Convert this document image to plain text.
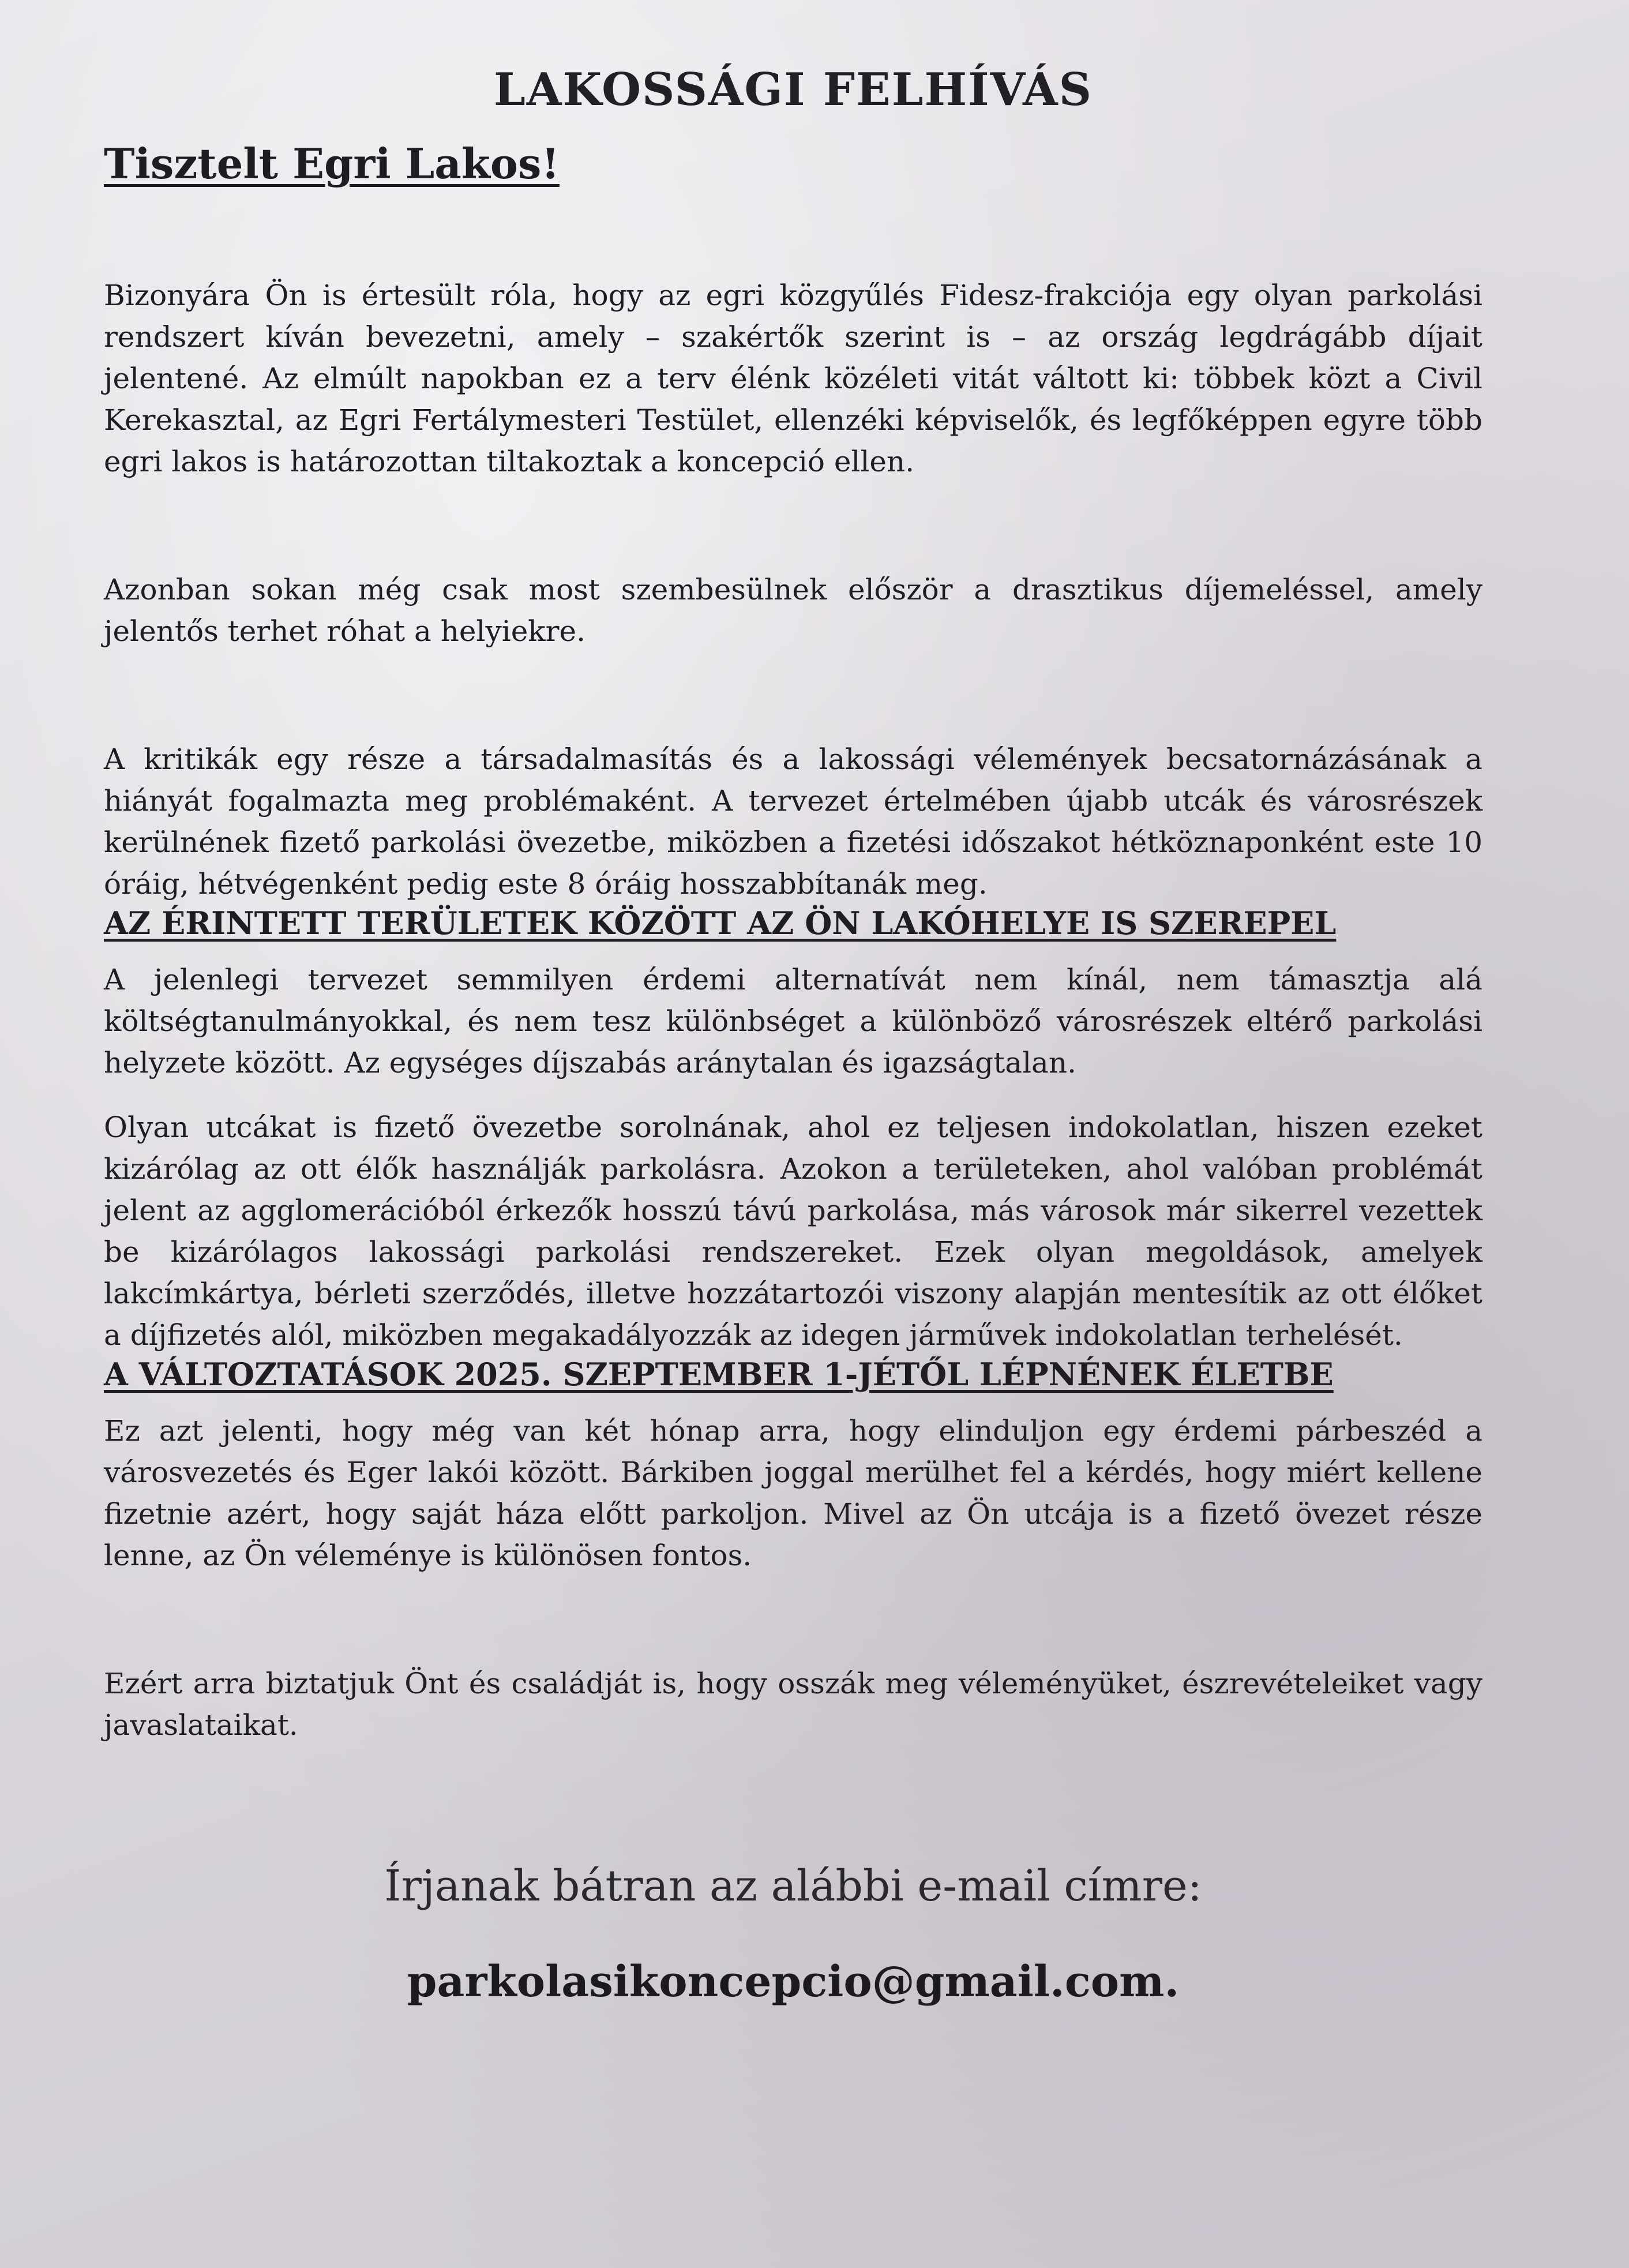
LAKOSSÁGI FELHÍVÁS
Tisztelt Egri Lakos!

Bizonyára Ön is értesült róla, hogy az egri közgyűlés Fidesz-frakciója egy olyan parkolási rendszert kíván bevezetni, amely – szakértők szerint is – az ország legdrágább díjait jelentené. Az elmúlt napokban ez a terv élénk közéleti vitát váltott ki: többek közt a Civil Kerekasztal, az Egri Fertálymesteri Testület, ellenzéki képviselők, és legfőképpen egyre több egri lakos is határozottan tiltakoztak a koncepció ellen.

Azonban sokan még csak most szembesülnek először a drasztikus díjemeléssel, amely jelentős terhet róhat a helyiekre.

A kritikák egy része a társadalmasítás és a lakossági vélemények becsatornázásának a hiányát fogalmazta meg problémaként. A tervezet értelmében újabb utcák és városrészek kerülnének fizető parkolási övezetbe, miközben a fizetési időszakot hétköznaponként este 10 óráig, hétvégenként pedig este 8 óráig hosszabbítanák meg.

AZ ÉRINTETT TERÜLETEK KÖZÖTT AZ ÖN LAKÓHELYE IS SZEREPEL

A jelenlegi tervezet semmilyen érdemi alternatívát nem kínál, nem támasztja alá költségtanulmányokkal, és nem tesz különbséget a különböző városrészek eltérő parkolási helyzete között. Az egységes díjszabás aránytalan és igazságtalan.

Olyan utcákat is fizető övezetbe sorolnának, ahol ez teljesen indokolatlan, hiszen ezeket kizárólag az ott élők használják parkolásra. Azokon a területeken, ahol valóban problémát jelent az agglomerációból érkezők hosszú távú parkolása, más városok már sikerrel vezettek be kizárólagos lakossági parkolási rendszereket. Ezek olyan megoldások, amelyek lakcímkártya, bérleti szerződés, illetve hozzátartozói viszony alapján mentesítik az ott élőket a díjfizetés alól, miközben megakadályozzák az idegen járművek indokolatlan terhelését.

A VÁLTOZTATÁSOK 2025. SZEPTEMBER 1-JÉTŐL LÉPNÉNEK ÉLETBE

Ez azt jelenti, hogy még van két hónap arra, hogy elinduljon egy érdemi párbeszéd a városvezetés és Eger lakói között. Bárkiben joggal merülhet fel a kérdés, hogy miért kellene fizetnie azért, hogy saját háza előtt parkoljon. Mivel az Ön utcája is a fizető övezet része lenne, az Ön véleménye is különösen fontos.

Ezért arra biztatjuk Önt és családját is, hogy osszák meg véleményüket, észrevételeiket vagy javaslataikat.

Írjanak bátran az alábbi e-mail címre:
parkolasikoncepcio@gmail.com.
